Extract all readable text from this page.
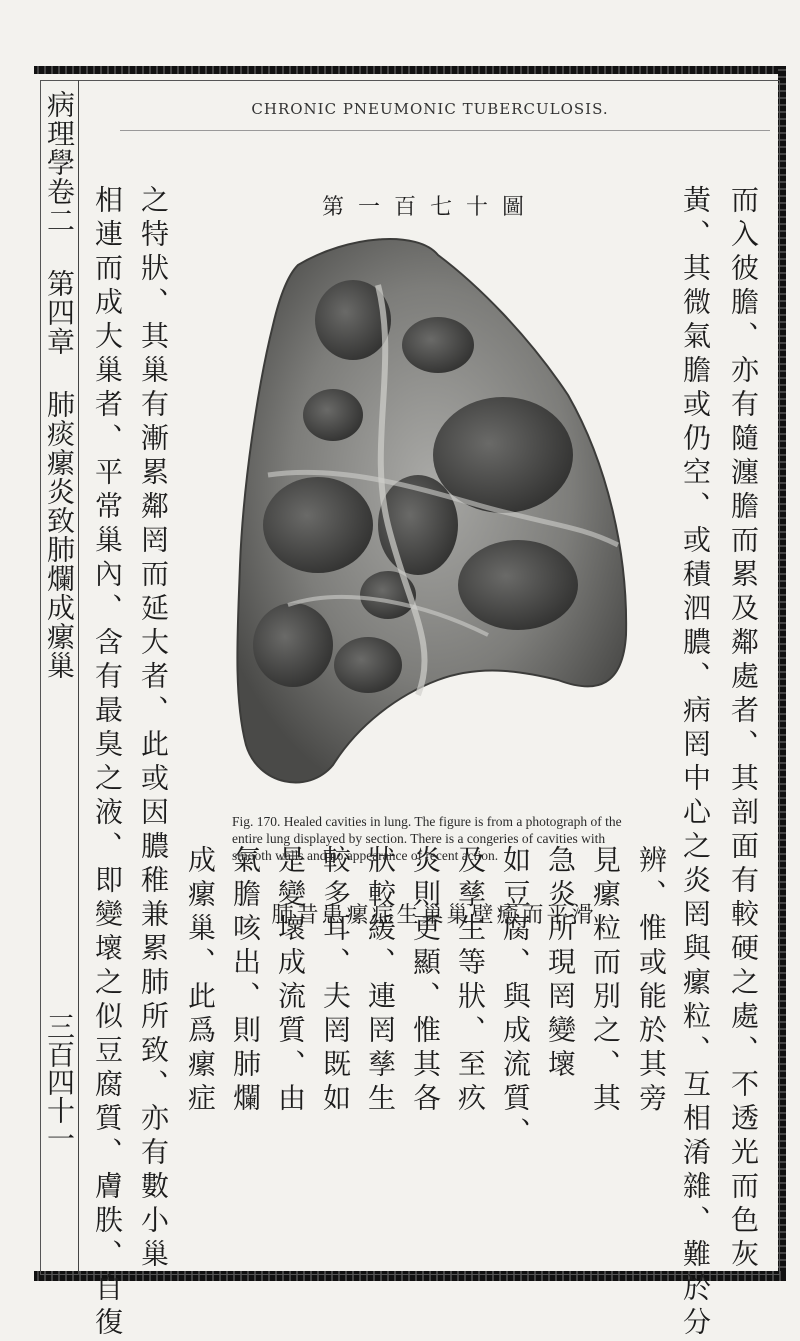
病理學卷二 第四章 肺痰瘰炎致肺爛成瘰巢
三百四十一
CHRONIC PNEUMONIC TUBERCULOSIS.
而入彼膽、亦有隨瀍膽而累及鄰處者、其剖面有較硬之處、不透光而色灰
黃、其微氣膽或仍空、或積泗膿、病罔中心之炎罔與瘰粒、互相淆雜、難於分
辨、惟或能於其旁
見瘰粒而別之、其
急炎所現罔變壞
如豆腐、與成流質、
及孳生等狀、至疚
炎則更顯、惟其各
狀較緩、連罔孳生
較多耳、夫罔既如
是變壞成流質、由
氣膽咳出、則肺爛
成瘰巢、此爲瘰症
之特狀、其巢有漸累鄰罔而延大者、此或因膿稚兼累肺所致、亦有數小巢
相連而成大巢者、平常巢內、含有最臭之液、即變壞之似豆腐質、膚胅、自復	第一百七十圖
Fig. 170. Healed cavities in lung. The figure is from a photograph of the entire lung displayed by section. There is a congeries of cavities with smooth walls and no appearance of recent action.
肺昔患瘰症生巢巢壁癒而平滑
